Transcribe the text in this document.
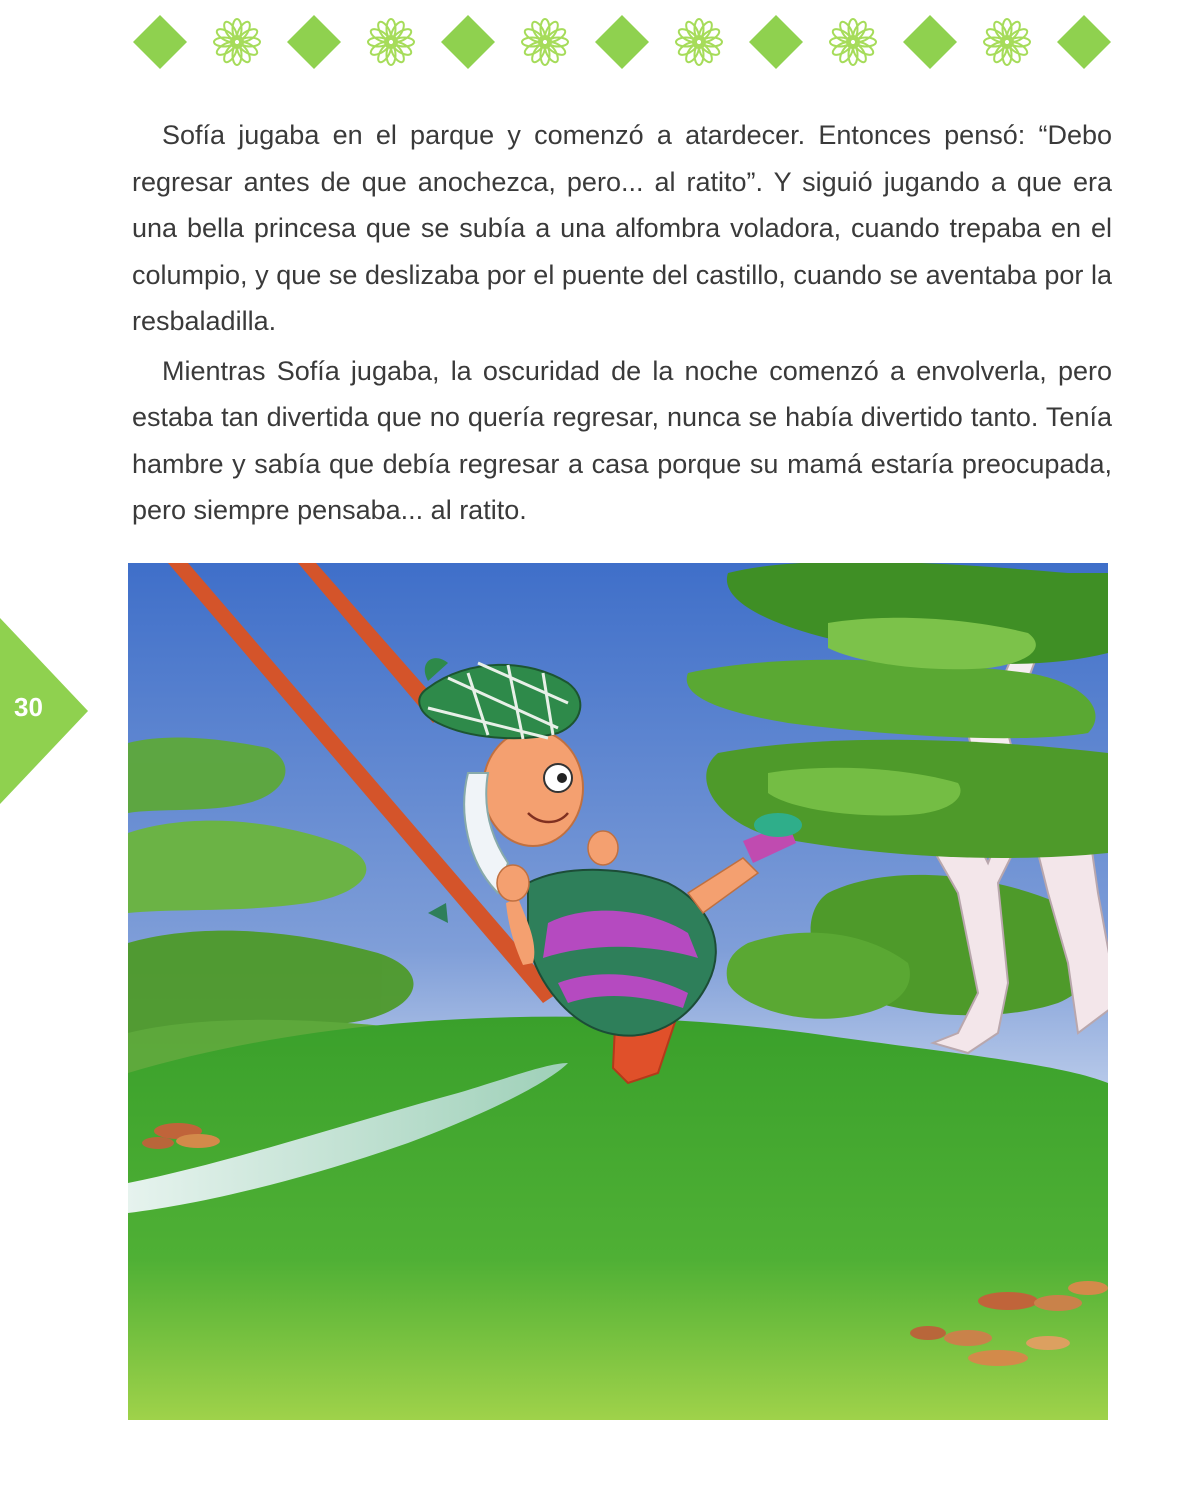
Sofía jugaba en el parque y comenzó a atardecer. Entonces pensó: “Debo regresar antes de que anochezca, pero... al ratito”. Y siguió jugando a que era una bella princesa que se subía a una alfombra voladora, cuando trepaba en el columpio, y que se deslizaba por el puente del castillo, cuando se aventaba por la resbaladilla.

Mientras Sofía jugaba, la oscuridad de la noche comenzó a envolverla, pero estaba tan divertida que no quería regresar, nunca se había divertido tanto. Tenía hambre y sabía que debía regresar a casa porque su mamá estaría preocupada, pero siempre pensaba... al ratito.

30
